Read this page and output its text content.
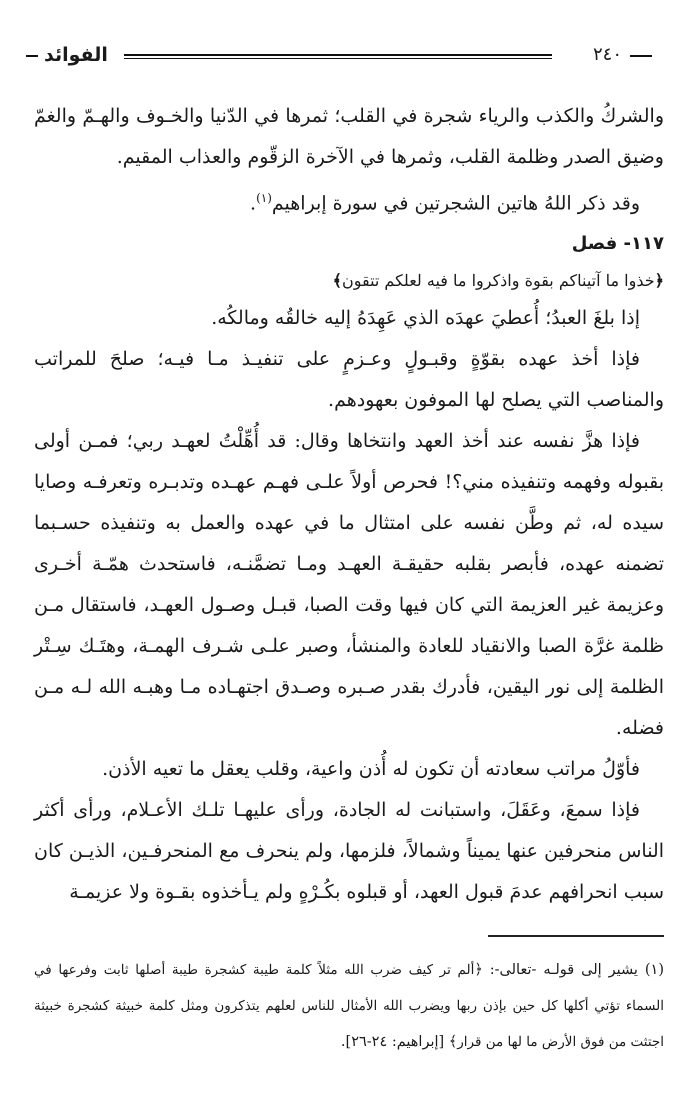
الفوائد	٢٤٠

والشركُ والكذب والرياء شجرة في القلب؛ ثمرها في الدّنيا والخـوف والهـمّ والغمّ وضيق الصدر وظلمة القلب، وثمرها في الآخرة الزقّوم والعذاب المقيم.

وقد ذكر اللهُ هاتين الشجرتين في سورة إبراهيم$^{(١)}$.

١١٧- فصل

﴿خذوا ما آتيناكم بقوة واذكروا ما فيه لعلكم تتقون﴾

إذا بلغَ العبدُ؛ أُعطيَ عهدَه الذي عَهِدَهُ إليه خالقُه ومالكُه.

فإذا أخذ عهده بقوّةٍ وقبـولٍ وعـزمٍ على تنفيـذ مـا فيـه؛ صلحَ للمراتب والمناصب التي يصلح لها الموفون بعهودهم.

فإذا هزَّ نفسه عند أخذ العهد وانتخاها وقال: قد أُهِّلْتُ لعهـد ربي؛ فمـن أولى بقبوله وفهمه وتنفيذه مني؟! فحرص أولاً علـى فهـم عهـده وتدبـره وتعرفـه وصايا سيده له، ثم وطَّن نفسه على امتثال ما في عهده والعمل به وتنفيذه حسـبما تضمنه عهده، فأبصر بقلبه حقيقـة العهـد ومـا تضمَّنـه، فاستحدث همّـة أخـرى وعزيمة غير العزيمة التي كان فيها وقت الصبا، قبـل وصـول العهـد، فاستقال مـن ظلمة غرَّة الصبا والانقياد للعادة والمنشأ، وصبر علـى شـرف الهمـة، وهتَـك سِـتْر الظلمة إلى نور اليقين، فأدرك بقدر صـبره وصـدق اجتهـاده مـا وهبـه الله لـه مـن فضله.

فأوّلُ مراتب سعادته أن تكون له أُذن واعية، وقلب يعقل ما تعيه الأذن.

فإذا سمعَ، وعَقَلَ، واستبانت له الجادة، ورأى عليهـا تلـك الأعـلام، ورأى أكثر الناس منحرفين عنها يميناً وشمالاً، فلزمها، ولم ينحرف مع المنحرفـين، الذيـن كان سبب انحرافهم عدمَ قبول العهد، أو قبلوه بكُـرْهٍ ولم يـأخذوه بقـوة ولا عزيمـة

(١) يشير إلى قولـه -تعالى-: ﴿ألم تر كيف ضرب الله مثلاً كلمة طيبة كشجرة طيبة أصلها ثابت وفرعها في السماء تؤتي أكلها كل حين بإذن ربها ويضرب الله الأمثال للناس لعلهم يتذكرون ومثل كلمة خبيثة كشجرة خبيثة اجتثت من فوق الأرض ما لها من قرار﴾ [إبراهيم: ٢٤-٢٦].
